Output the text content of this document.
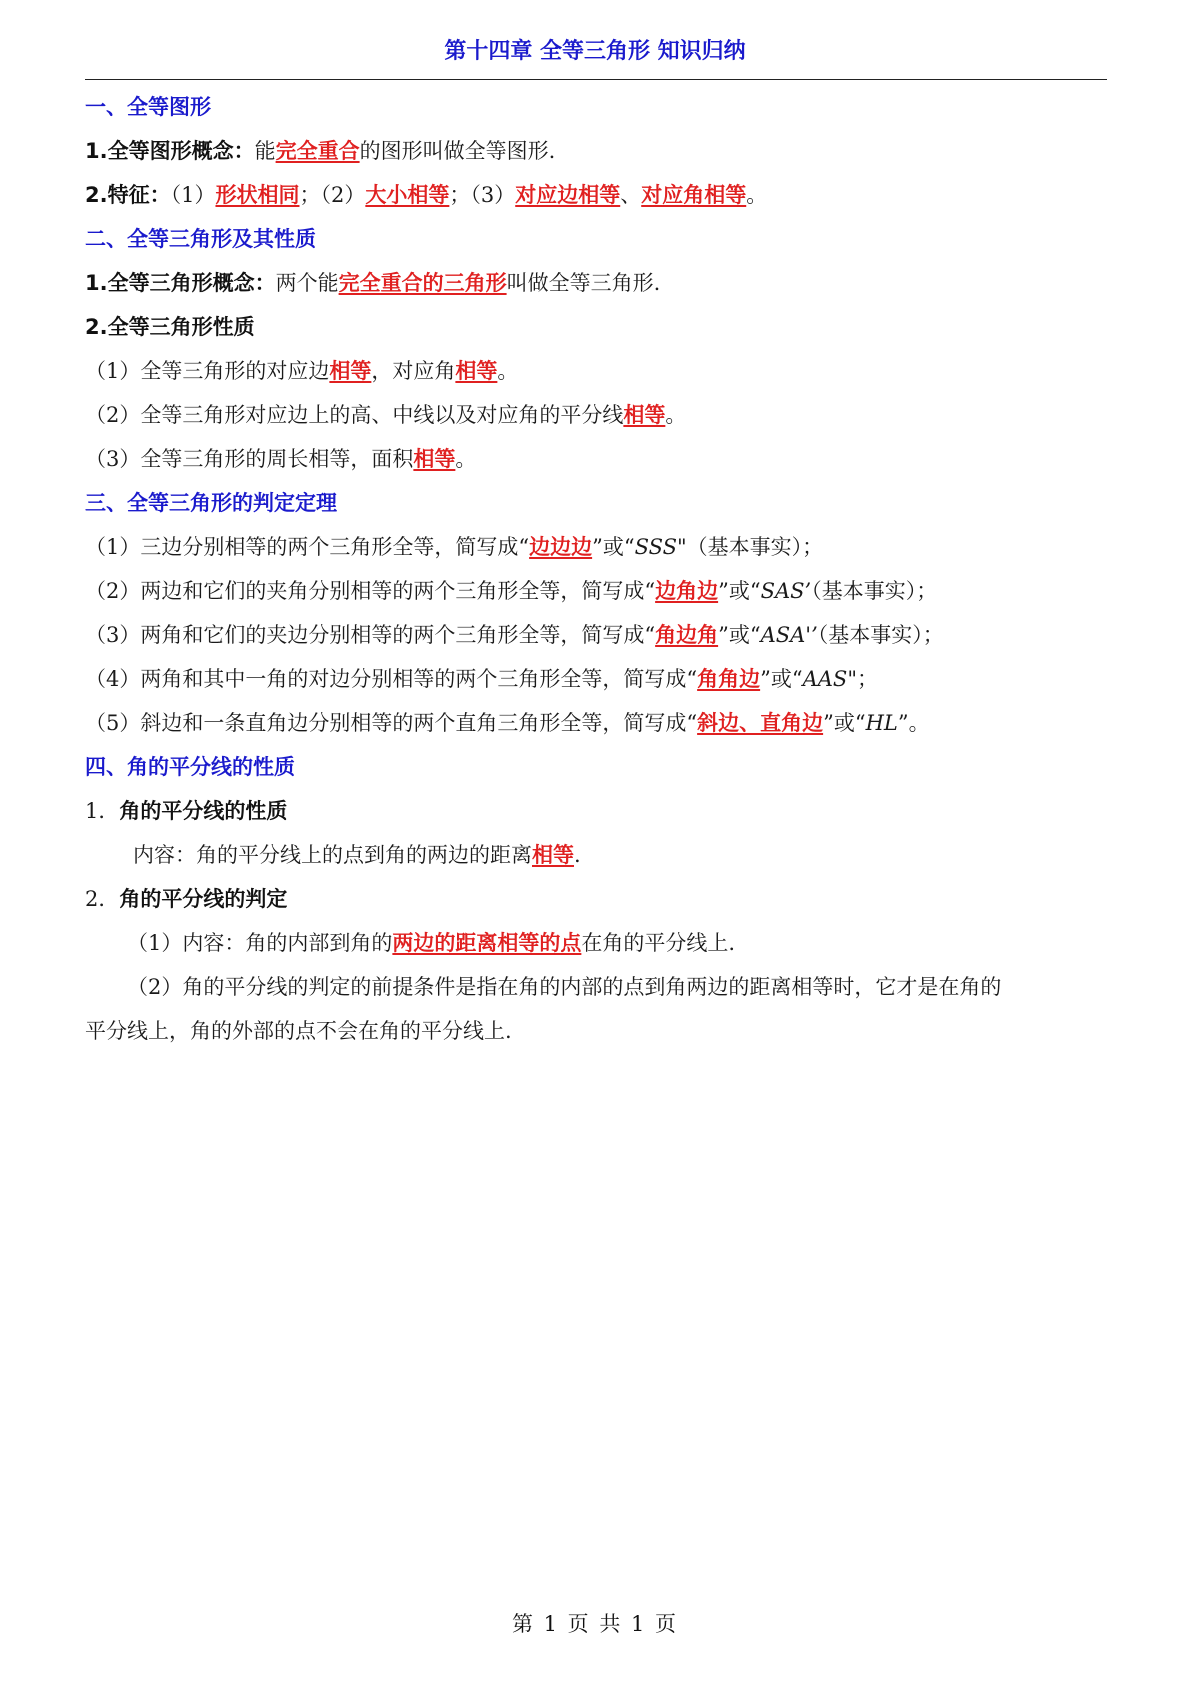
第十四章 全等三角形 知识归纳
一、全等图形
1.全等图形概念：能完全重合的图形叫做全等图形.
2.特征：（1）形状相同；（2）大小相等；（3）对应边相等、对应角相等。
二、全等三角形及其性质
1.全等三角形概念：两个能完全重合的三角形叫做全等三角形.
2.全等三角形性质
（1）全等三角形的对应边相等，对应角相等。
（2）全等三角形对应边上的高、中线以及对应角的平分线相等。
（3）全等三角形的周长相等，面积相等。
三、全等三角形的判定定理
（1）三边分别相等的两个三角形全等，简写成“边边边”或“SSS"（基本事实）；
（2）两边和它们的夹角分别相等的两个三角形全等，简写成“边角边”或“SAS’（基本事实）；
（3）两角和它们的夹边分别相等的两个三角形全等，简写成“角边角”或“ASA'’（基本事实）；
（4）两角和其中一角的对边分别相等的两个三角形全等，简写成“角角边”或“AAS"；
（5）斜边和一条直角边分别相等的两个直角三角形全等，简写成“斜边、直角边”或“HL”。
四、角的平分线的性质
1．角的平分线的性质
内容：角的平分线上的点到角的两边的距离相等.
2．角的平分线的判定
（1）内容：角的内部到角的两边的距离相等的点在角的平分线上.
（2）角的平分线的判定的前提条件是指在角的内部的点到角两边的距离相等时，它才是在角的
平分线上，角的外部的点不会在角的平分线上.
第 1 页 共 1 页
